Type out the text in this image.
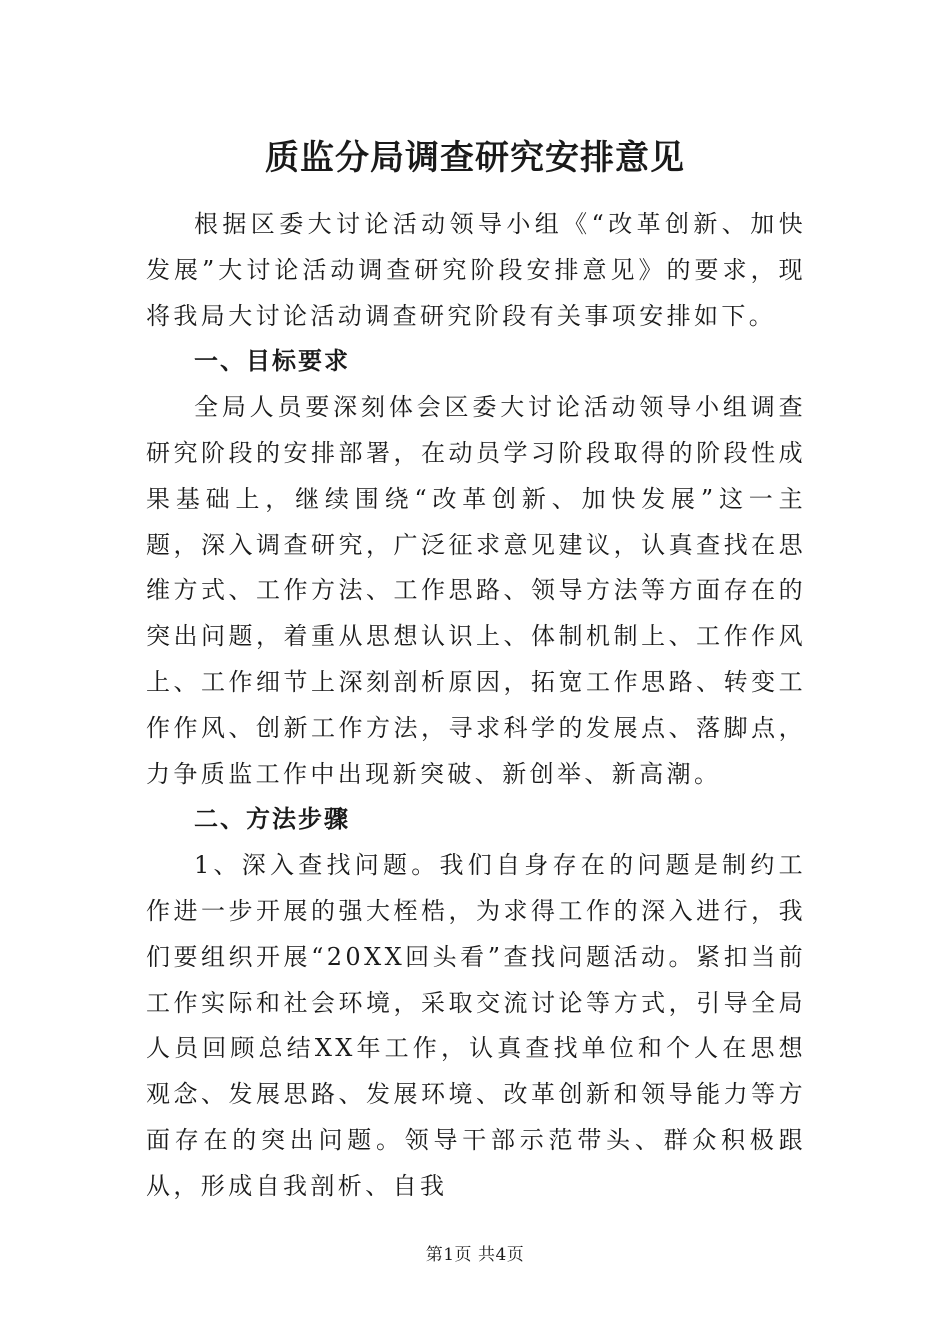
质监分局调查研究安排意见

根据区委大讨论活动领导小组《“改革创新、加快发展”大讨论活动调查研究阶段安排意见》的要求，现将我局大讨论活动调查研究阶段有关事项安排如下。

一、目标要求

全局人员要深刻体会区委大讨论活动领导小组调查研究阶段的安排部署，在动员学习阶段取得的阶段性成果基础上，继续围绕“改革创新、加快发展”这一主题，深入调查研究，广泛征求意见建议，认真查找在思维方式、工作方法、工作思路、领导方法等方面存在的突出问题，着重从思想认识上、体制机制上、工作作风上、工作细节上深刻剖析原因，拓宽工作思路、转变工作作风、创新工作方法，寻求科学的发展点、落脚点，力争质监工作中出现新突破、新创举、新高潮。

二、方法步骤

1、深入查找问题。我们自身存在的问题是制约工作进一步开展的强大桎梏，为求得工作的深入进行，我们要组织开展“20XX回头看”查找问题活动。紧扣当前工作实际和社会环境，采取交流讨论等方式，引导全局人员回顾总结XX年工作，认真查找单位和个人在思想观念、发展思路、发展环境、改革创新和领导能力等方面存在的突出问题。领导干部示范带头、群众积极跟从，形成自我剖析、自我

第1页 共4页
